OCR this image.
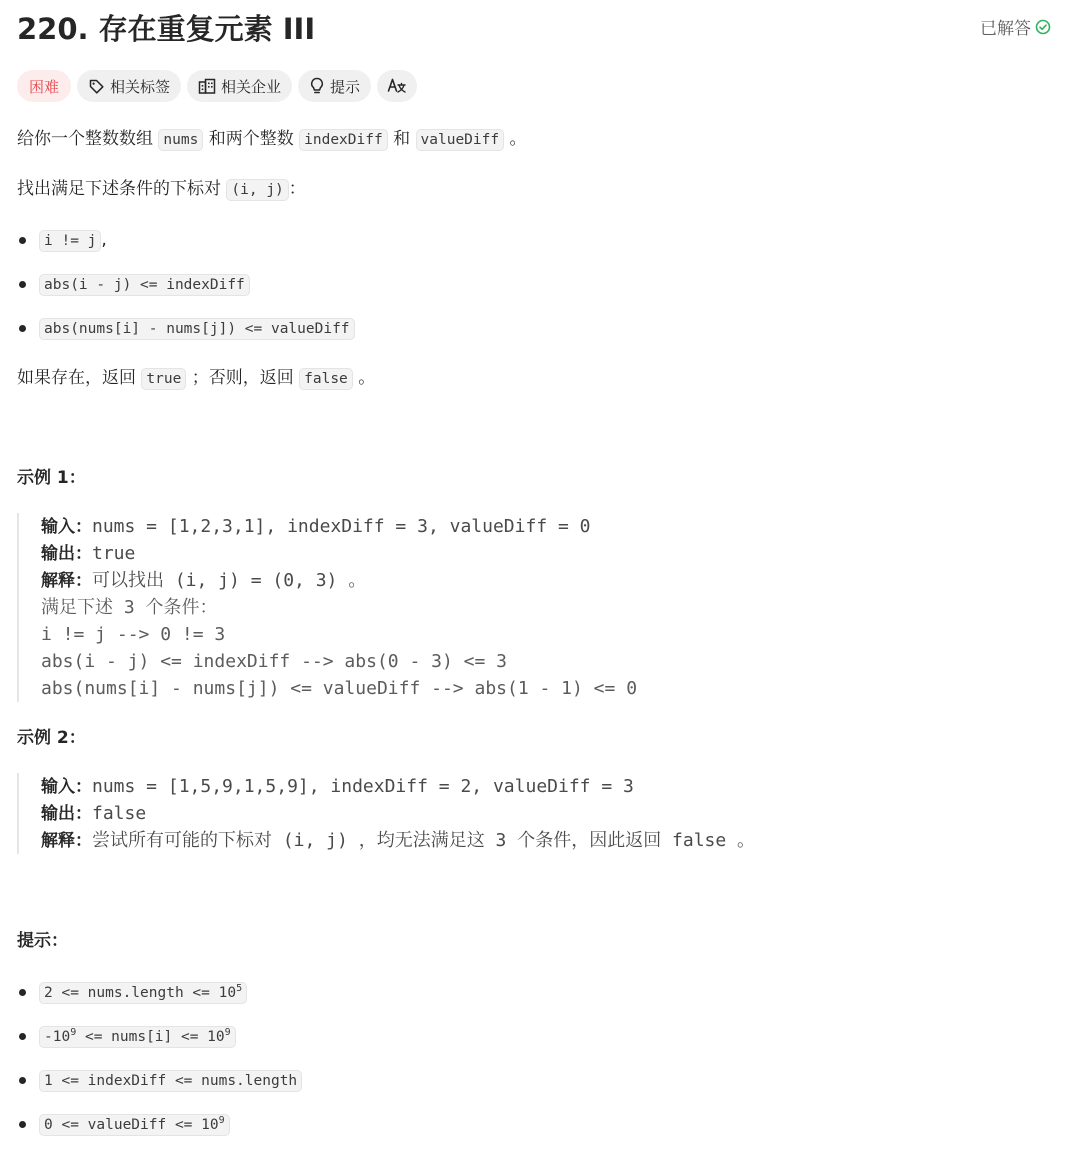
220. 存在重复元素 III	已解答
困难	相关标签	相关企业	提示

给你一个整数数组 nums 和两个整数 indexDiff 和 valueDiff 。

找出满足下述条件的下标对 (i, j) ：

i != j ,
abs(i - j) <= indexDiff
abs(nums[i] - nums[j]) <= valueDiff

如果存在，返回 true ；否则，返回 false 。

示例 1：

输入：nums = [1,2,3,1], indexDiff = 3, valueDiff = 0
输出：true
解释：可以找出 (i, j) = (0, 3) 。
满足下述 3 个条件：
i != j --> 0 != 3
abs(i - j) <= indexDiff --> abs(0 - 3) <= 3
abs(nums[i] - nums[j]) <= valueDiff --> abs(1 - 1) <= 0

示例 2：

输入：nums = [1,5,9,1,5,9], indexDiff = 2, valueDiff = 3
输出：false
解释：尝试所有可能的下标对 (i, j) ，均无法满足这 3 个条件，因此返回 false 。

提示：

2 <= nums.length <= $10^5$
$-10^9$ <= nums[i] <= $10^9$
1 <= indexDiff <= nums.length
0 <= valueDiff <= $10^9$
